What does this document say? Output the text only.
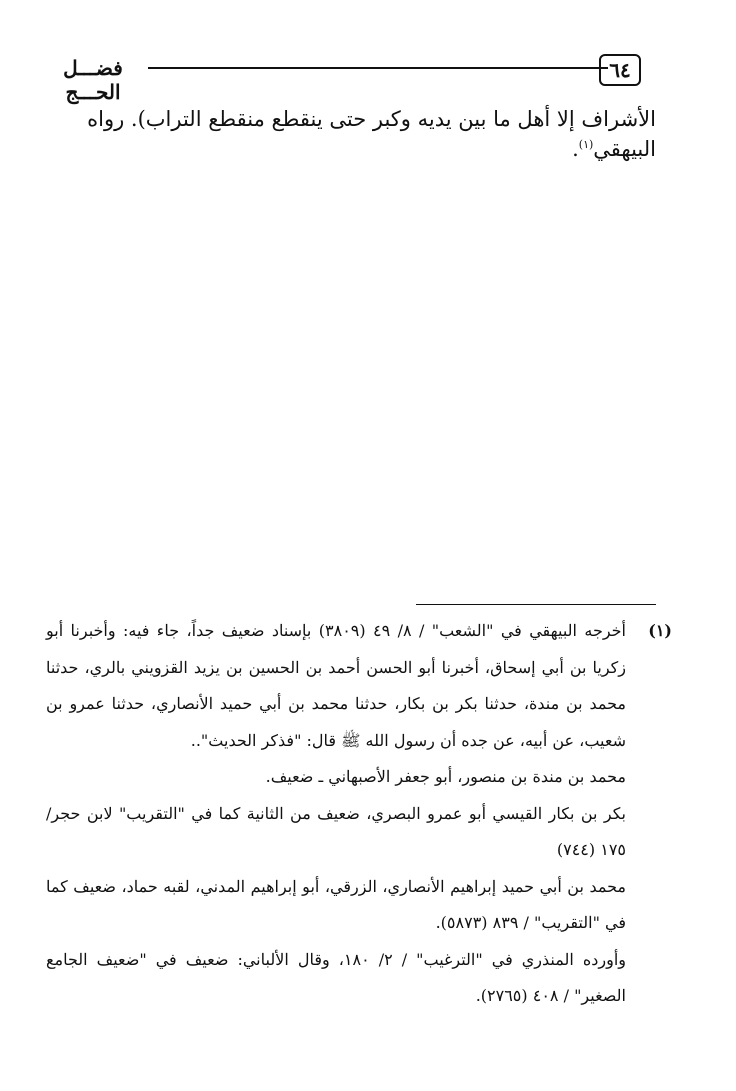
٦٤
فضـــل الحـــج
الأشراف إلا أهل ما بين يديه وكبر حتى ينقطع منقطع التراب). رواه البيهقي$^{(١)}$.
(١)

أخرجه البيهقي في "الشعب" / ٨/ ٤٩ (٣٨٠٩) بإسناد ضعيف جداً، جاء فيه: وأخبرنا أبو زكريا بن أبي إسحاق، أخبرنا أبو الحسن أحمد بن الحسين بن يزيد القزويني بالري، حدثنا محمد بن مندة، حدثنا بكر بن بكار، حدثنا محمد بن أبي حميد الأنصاري، حدثنا عمرو بن شعيب، عن أبيه، عن جده أن رسول الله ﷺ قال: "فذكر الحديث"..

محمد بن مندة بن منصور، أبو جعفر الأصبهاني ـ ضعيف.

بكر بن بكار القيسي أبو عمرو البصري، ضعيف من الثانية كما في "التقريب" لابن حجر/ ١٧٥ (٧٤٤)

محمد بن أبي حميد إبراهيم الأنصاري، الزرقي، أبو إبراهيم المدني، لقبه حماد، ضعيف كما في "التقريب" / ٨٣٩ (٥٨٧٣).

وأورده المنذري في "الترغيب" / ٢/ ١٨٠، وقال الألباني: ضعيف في "ضعيف الجامع الصغير" / ٤٠٨ (٢٧٦٥).
